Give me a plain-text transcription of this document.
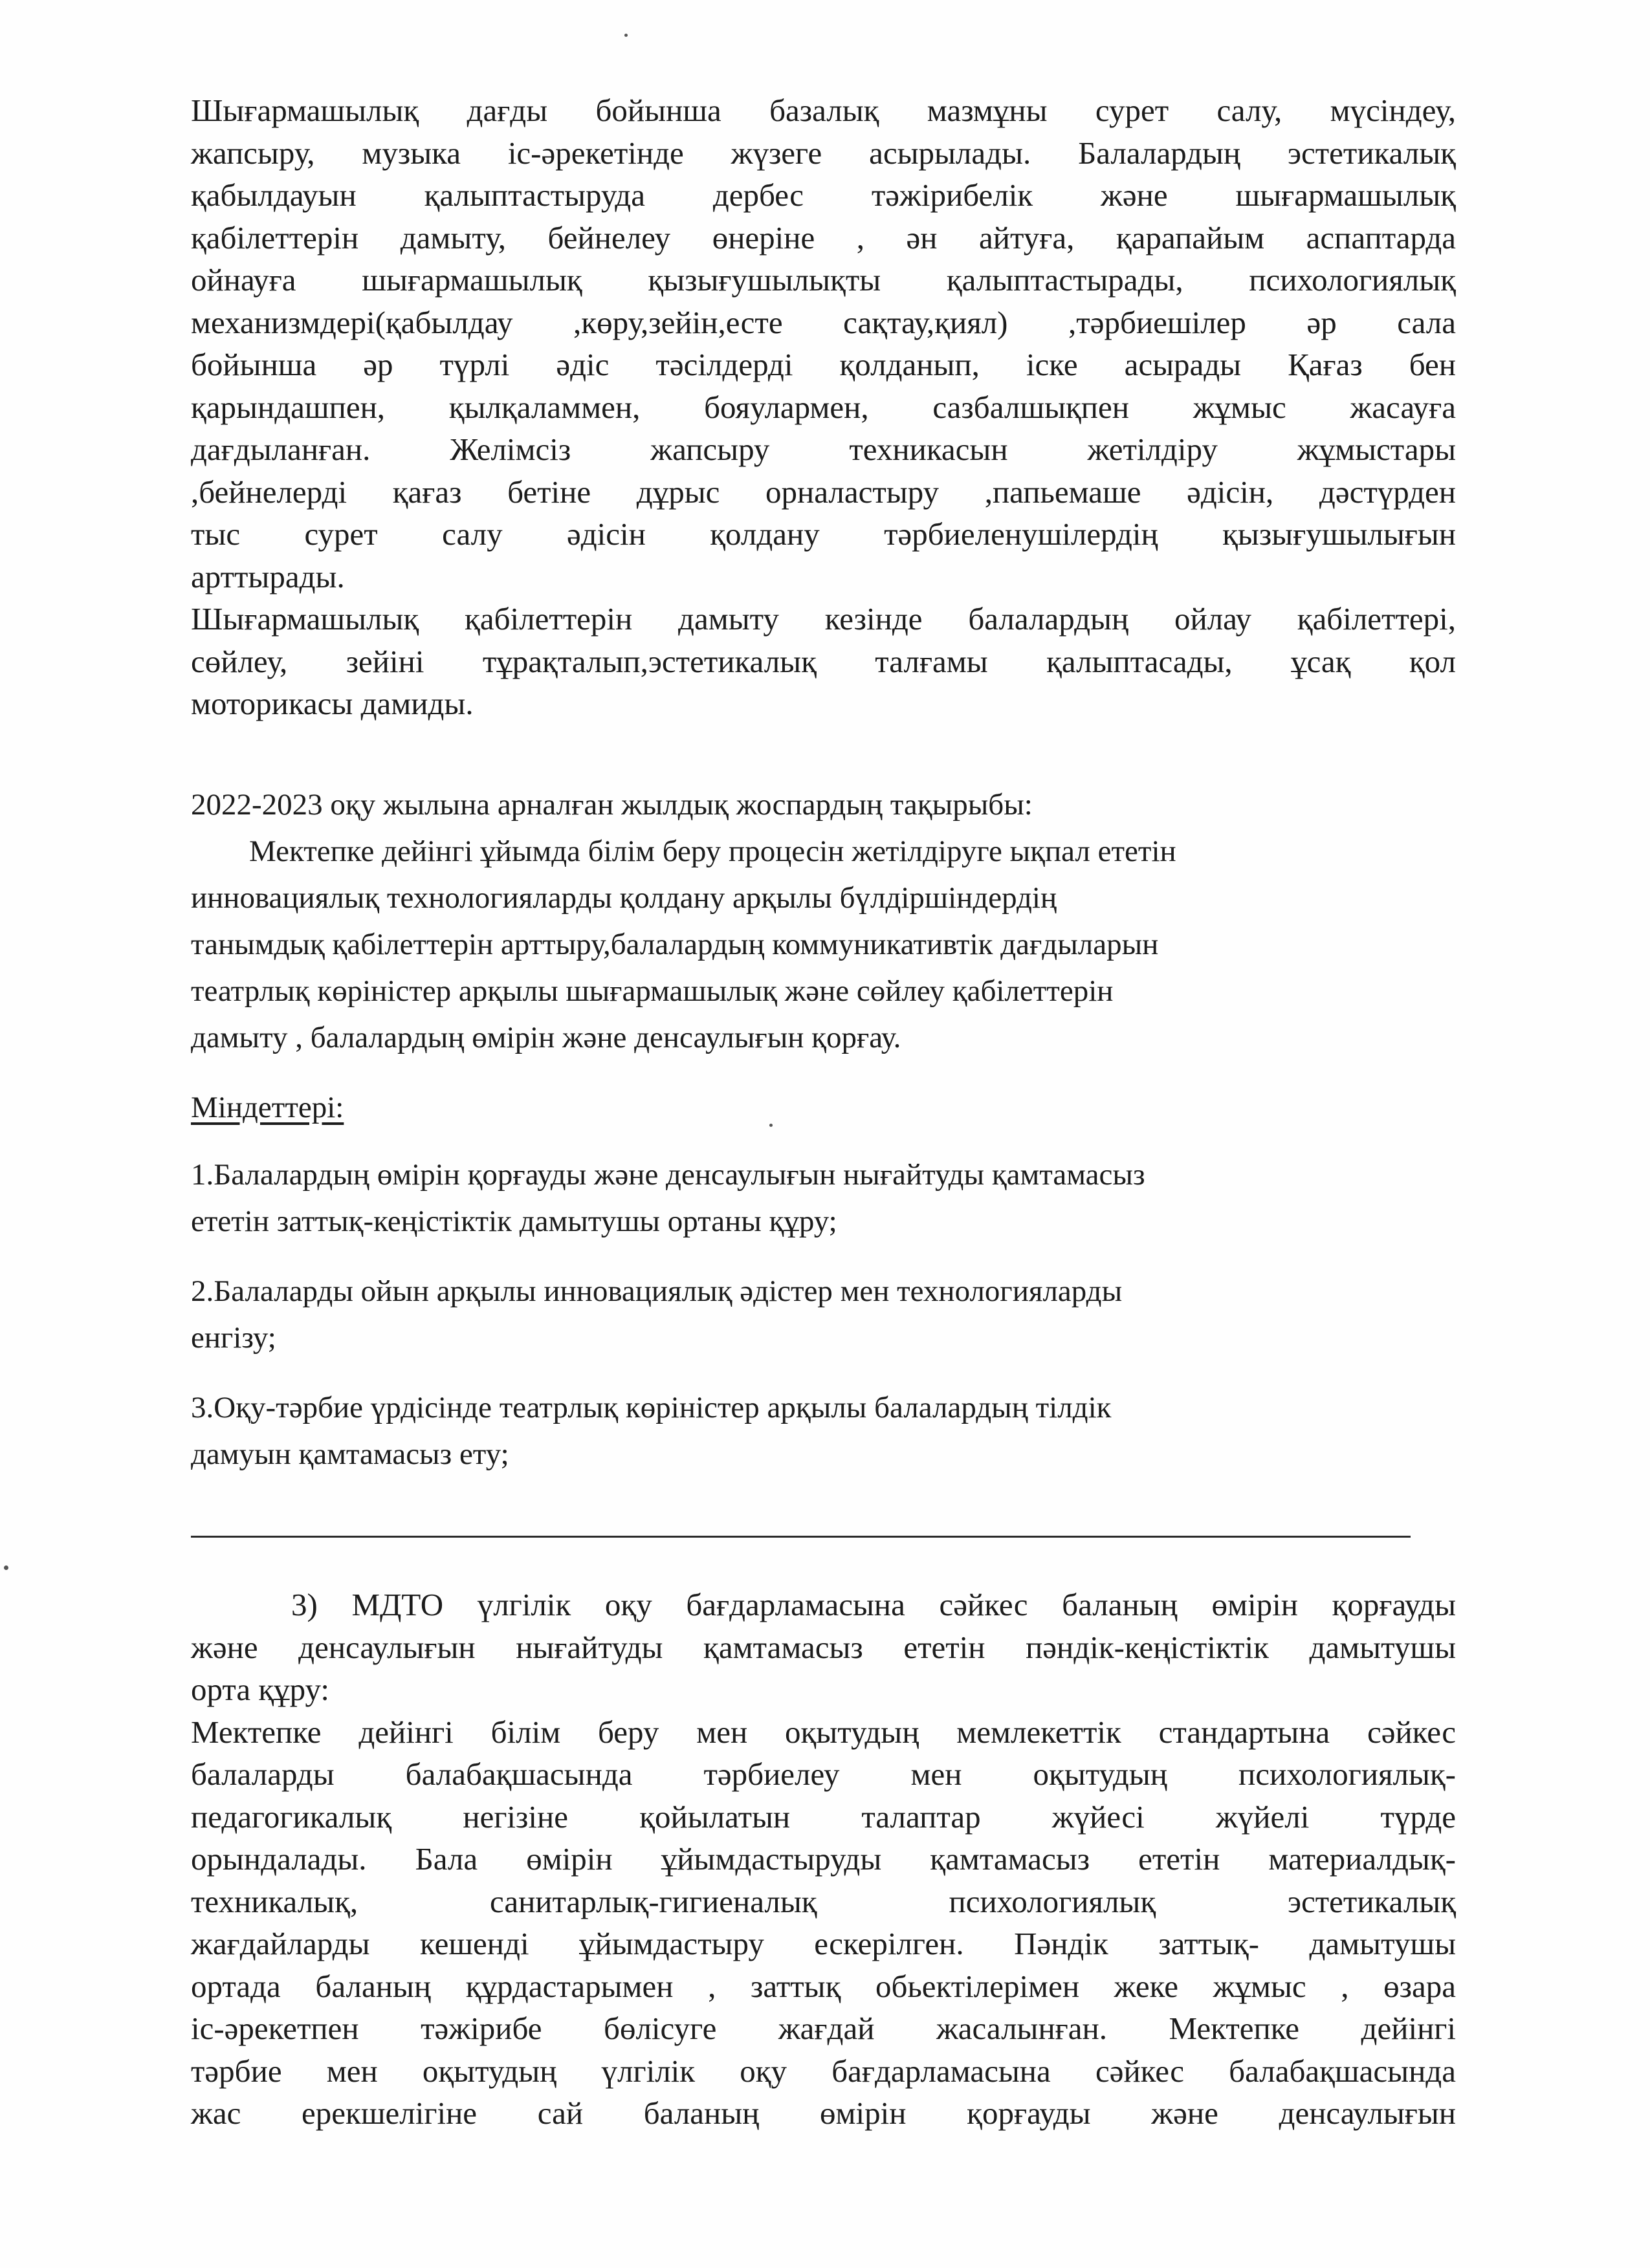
Шығармашылық дағды бойынша базалық мазмұны сурет салу, мүсіндеу,

жапсыру, музыка іс-әрекетінде жүзеге асырылады. Балалардың эстетикалық

қабылдауын қалыптастыруда дербес тәжірибелік және шығармашылық

қабілеттерін дамыту, бейнелеу өнеріне , ән айтуға, қарапайым аспаптарда

ойнауға шығармашылық қызығушылықты қалыптастырады, психологиялық

механизмдері(қабылдау ,көру,зейін,есте сақтау,қиял) ,тәрбиешілер әр сала

бойынша әр түрлі әдіс тәсілдерді қолданып, іске асырады Қағаз бен

қарындашпен, қылқаламмен, бояулармен, сазбалшықпен жұмыс жасауға

дағдыланған. Желімсіз жапсыру техникасын жетілдіру жұмыстары

,бейнелерді қағаз бетіне дұрыс орналастыру ,папьемаше әдісін, дәстүрден

тыс сурет салу әдісін қолдану тәрбиеленушілердің қызығушылығын

арттырады.

Шығармашылық қабілеттерін дамыту кезінде балалардың ойлау қабілеттері,

сөйлеу, зейіні тұрақталып,эстетикалық талғамы қалыптасады, ұсақ қол

моторикасы дамиды.

2022-2023 оқу жылына арналған жылдық жоспардың тақырыбы:

Мектепке дейінгі ұйымда білім беру процесін жетілдіруге ықпал ететін

инновациялық технологияларды қолдану арқылы бүлдіршіндердің

танымдық қабілеттерін арттыру,балалардың коммуникативтік дағдыларын

театрлық көріністер арқылы шығармашылық және сөйлеу қабілеттерін

дамыту , балалардың өмірін және денсаулығын қорғау.

Міндеттері:
1.Балалардың өмірін қорғауды және денсаулығын нығайтуды қамтамасыз
ететін заттық-кеңістіктік дамытушы ортаны құру;
2.Балаларды ойын арқылы инновациялық әдістер мен технологияларды
енгізу;
3.Оқу-тәрбие үрдісінде театрлық көріністер арқылы балалардың тілдік
дамуын қамтамасыз ету;

3) МДТО үлгілік оқу бағдарламасына сәйкес баланың өмірін қорғауды

және денсаулығын нығайтуды қамтамасыз ететін пәндік-кеңістіктік дамытушы

орта құру:

Мектепке дейінгі білім беру мен оқытудың мемлекеттік стандартына сәйкес

балаларды балабақшасында тәрбиелеу мен оқытудың психологиялық-

педагогикалық негізіне қойылатын талаптар жүйесі жүйелі түрде

орындалады. Бала өмірін ұйымдастыруды қамтамасыз ететін материалдық-

техникалық, санитарлық-гигиеналық психологиялық эстетикалық

жағдайларды кешенді ұйымдастыру ескерілген. Пәндік заттық- дамытушы

ортада баланың құрдастарымен , заттық обьектілерімен жеке жұмыс , өзара

іс-әрекетпен тәжірибе бөлісуге жағдай жасалынған. Мектепке дейінгі

тәрбие мен оқытудың үлгілік оқу бағдарламасына сәйкес балабақшасында

жас ерекшелігіне сай баланың өмірін қорғауды және денсаулығын
